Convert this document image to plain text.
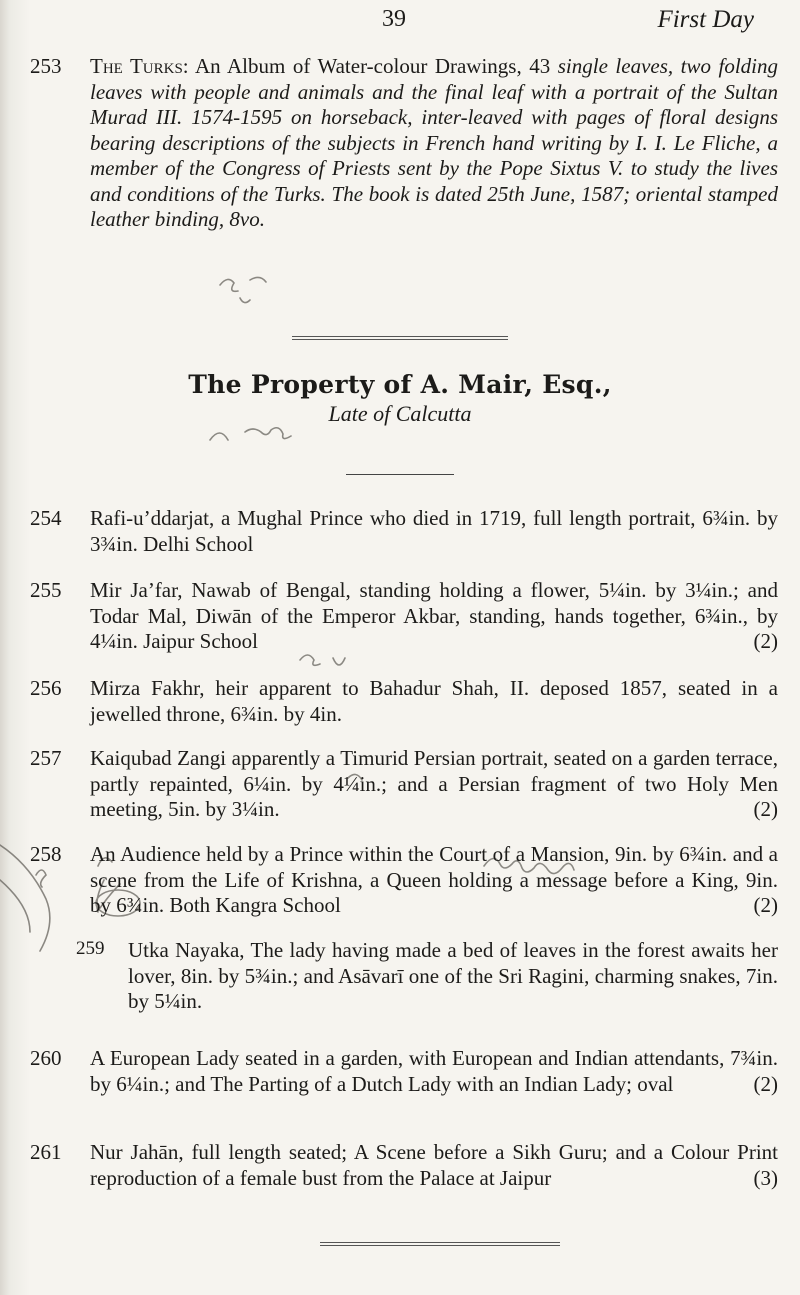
39	First Day
253	The Turks: An Album of Water-colour Drawings, 43 single leaves, two folding leaves with people and animals and the final leaf with a portrait of the Sultan Murad III. 1574-1595 on horseback, inter-leaved with pages of floral designs bearing descriptions of the subjects in French hand writing by I. I. Le Flіche, a member of the Congress of Priests sent by the Pope Sixtus V. to study the lives and conditions of the Turks. The book is dated 25th June, 1587; oriental stamped leather binding, 8vo.
The Property of A. Mair, Esq.,
Late of Calcutta
254	Rafi-u’ddarjat, a Mughal Prince who died in 1719, full length portrait, 6¾in. by 3¾in. Delhi School
255	Mir Ja’far, Nawab of Bengal, standing holding a flower, 5¼in. by 3¼in.; and Todar Mal, Diwān of the Emperor Akbar, standing, hands together, 6¾in., by 4¼in. Jaipur School	(2)
256	Mirza Fakhr, heir apparent to Bahadur Shah, II. deposed 1857, seated in a jewelled throne, 6¾in. by 4in.
257	Kaiqubad Zangi apparently a Timurid Persian portrait, seated on a garden terrace, partly repainted, 6¼in. by 4¼in.; and a Persian fragment of two Holy Men meeting, 5in. by 3¼in.	(2)
258	An Audience held by a Prince within the Court of a Mansion, 9in. by 6¾in. and a scene from the Life of Krishna, a Queen holding a message before a King, 9in. by 6¾in. Both Kangra School	(2)
259	Utka Nayaka, The lady having made a bed of leaves in the forest awaits her lover, 8in. by 5¾in.; and Asāvarī one of the Sri Ragini, charming snakes, 7in. by 5¼in.
260	A European Lady seated in a garden, with European and Indian attendants, 7¾in. by 6¼in.; and The Parting of a Dutch Lady with an Indian Lady; oval	(2)
261	Nur Jahān, full length seated; A Scene before a Sikh Guru; and a Colour Print reproduction of a female bust from the Palace at Jaipur	(3)
